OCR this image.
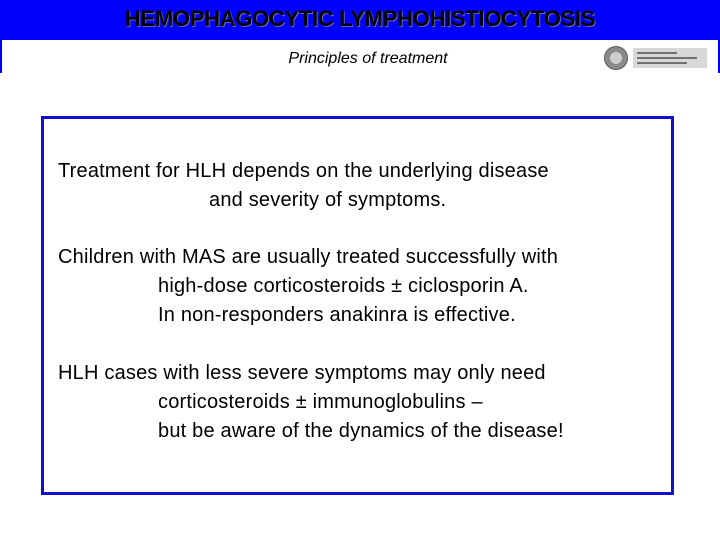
HEMOPHAGOCYTIC LYMPHOHISTIOCYTOSIS
Principles of treatment
Treatment for HLH depends on the underlying disease
and severity of symptoms.
Children with MAS are usually treated successfully with
high-dose corticosteroids ± ciclosporin A.
In non-responders anakinra is effective.
HLH cases with less severe symptoms may only need
corticosteroids ± immunoglobulins –
but be aware of the dynamics of the disease!
